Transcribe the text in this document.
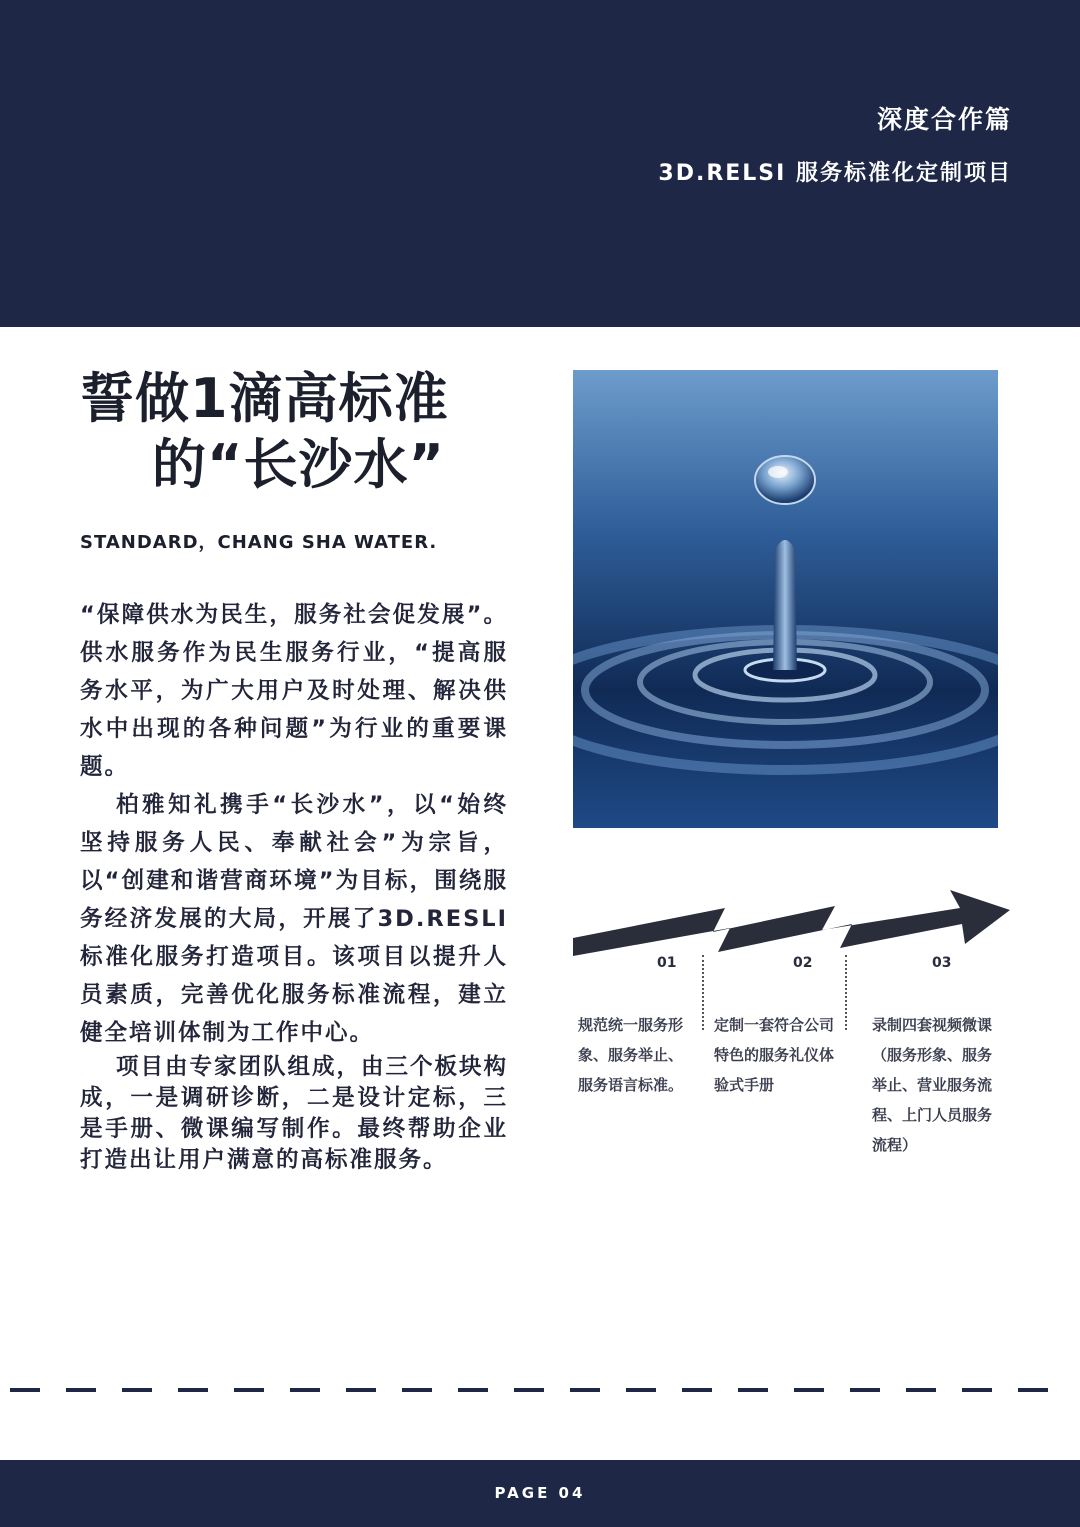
深度合作篇
3D.RELSI 服务标准化定制项目
誓做1滴高标准
的“长沙水”
STANDARD，CHANG SHA WATER.

“保障供水为民生，服务社会促发展”。供水服务作为民生服务行业，“提高服务水平，为广大用户及时处理、解决供水中出现的各种问题”为行业的重要课题。

柏雅知礼携手“长沙水”，以“始终坚持服务人民、奉献社会”为宗旨，以“创建和谐营商环境”为目标，围绕服务经济发展的大局，开展了3D.RESLI 标准化服务打造项目。该项目以提升人员素质，完善优化服务标准流程，建立健全培训体制为工作中心。

项目由专家团队组成，由三个板块构成，一是调研诊断，二是设计定标，三是手册、微课编写制作。最终帮助企业打造出让用户满意的高标准服务。

01	02	03
规范统一服务形象、服务举止、服务语言标准。
定制一套符合公司特色的服务礼仪体验式手册
录制四套视频微课（服务形象、服务举止、营业服务流程、上门人员服务流程）
PAGE 04
